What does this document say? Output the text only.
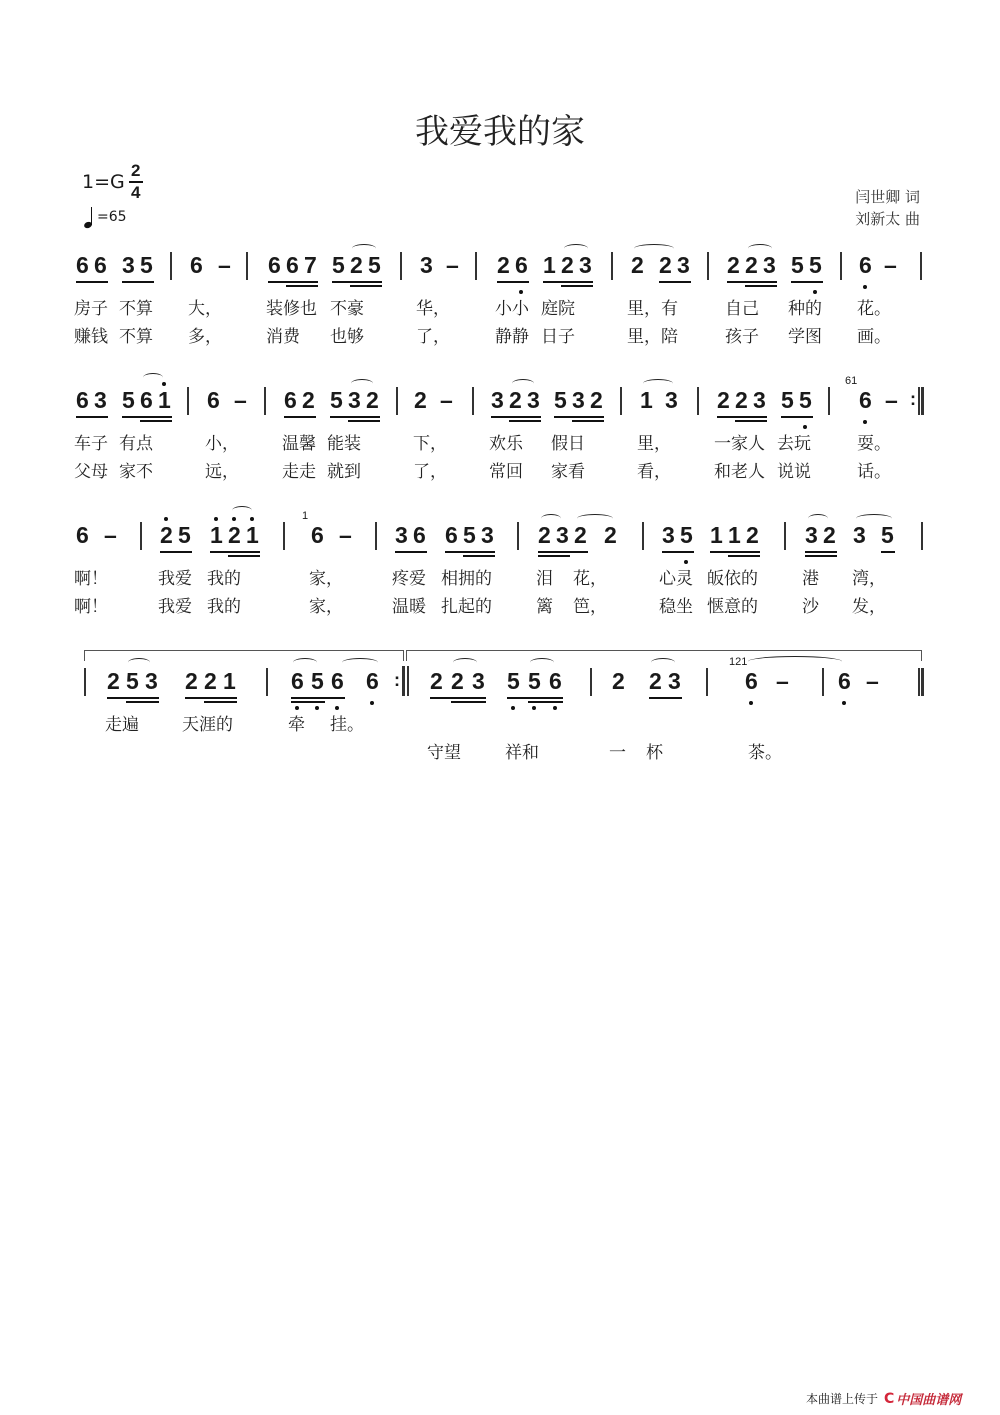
我爱我的家
1=G
2
4
=65
闫世卿 词
刘新太 曲
6 6 3 5 6 – 6 6 7 5 2 5 3 – 2 6 1 2 3 2 2 3 2 2 3 5 5 6 –
房子 不算 大，	装修也 不豪	华，	小小 庭院	里，有	自己 种的 花。
赚钱 不算 多，	消费 也够	了，	静静 日子	里，陪	孩子 学图 画。
6 3 5 6 1 6 – 6 2 5 3 2 2 – 3 2 3 5 3 2 1 3 2 2 3 5 5 6 – :
61
车子 有点	小，	温馨 能装	下， 欢乐 假日	里，	一家人 去玩	耍。
父母 家不	远，	走走 就到	了， 常回 家看	看，	和老人 说说	话。
6 – 2 5 1 2 1 6 – 3 6 6 5 3 2 3 2 2 3 5 1 1 2 3 2 3 5
1
啊！	我爱 我的	家，	疼爱 相拥的	泪 花，	心灵 皈依的	港 湾，
啊！	我爱 我的	家，	温暖 扎起的	篱 笆，	稳坐 惬意的	沙 发，
2 5 3 2 2 1 6 5 6 6 : 2 2 3 5 5 6 2 2 3	6 – 6 –
121
走遍	天涯的	牵 挂。
守望	祥和	一 杯	茶。
本曲谱上传于 C 中国曲谱网
